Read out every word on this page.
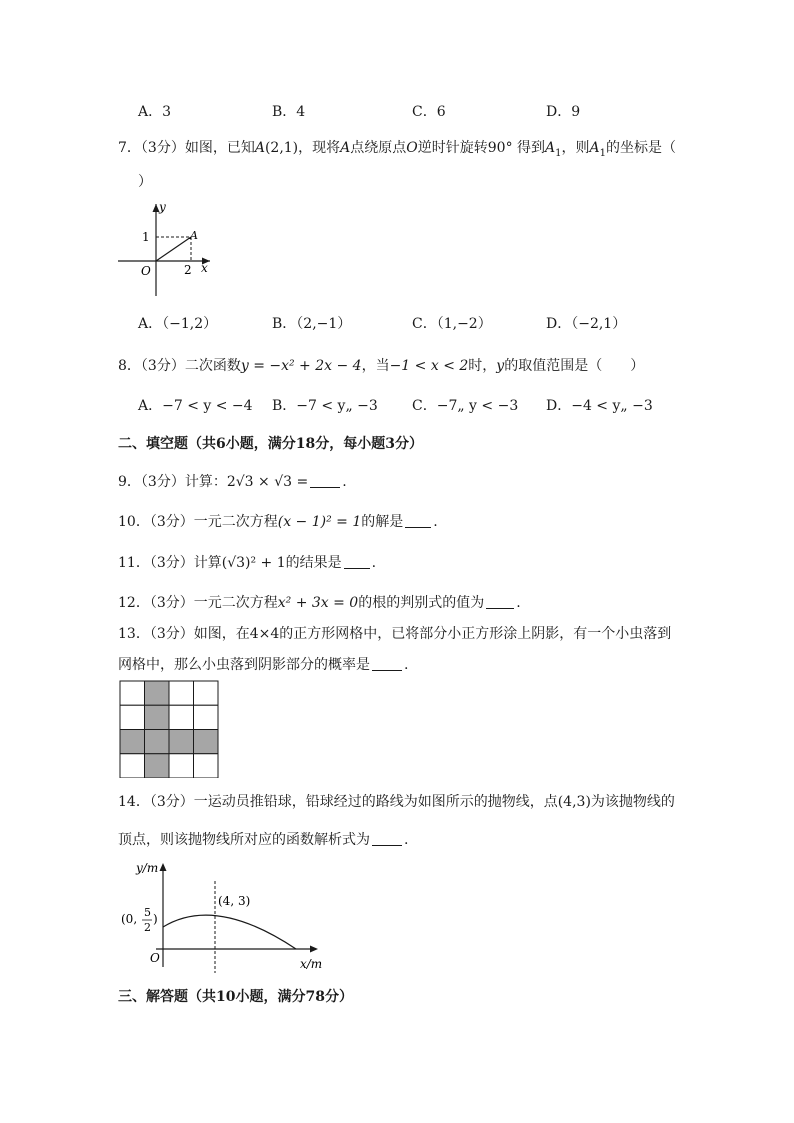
A．3	B．4	C．6	D．9
7．（3分）如图，已知A(2,1)，现将A点绕原点O逆时针旋转90° 得到$A_1$，则$A_1$的坐标是（
）
y
x
1
2
O
A
A．（−1,2）	B．（2,−1）	C．（1,−2）	D．（−2,1）
8．（3分）二次函数y = −x² + 2x − 4，当−1 < x < 2时，y的取值范围是（　　）
A．−7 < y < −4 B．−7 < y„ −3 C．−7„ y < −3 D．−4 < y„ −3
二、填空题（共6小题，满分18分，每小题3分）
9．（3分）计算：2√3 × √3 = .
10．（3分）一元二次方程(x − 1)² = 1的解是 .
11．（3分）计算(√3)² + 1的结果是 .
12．（3分）一元二次方程x² + 3x = 0的根的判别式的值为 .
13．（3分）如图，在4×4的正方形网格中，已将部分小正方形涂上阴影，有一个小虫落到
网格中，那么小虫落到阴影部分的概率是 .
14．（3分）一运动员推铅球，铅球经过的路线为如图所示的抛物线，点(4,3)为该抛物线的
顶点，则该抛物线所对应的函数解析式为 .
y/m
x/m
O
(4, 3)
(0, 5
2
)
三、解答题（共10小题，满分78分）
